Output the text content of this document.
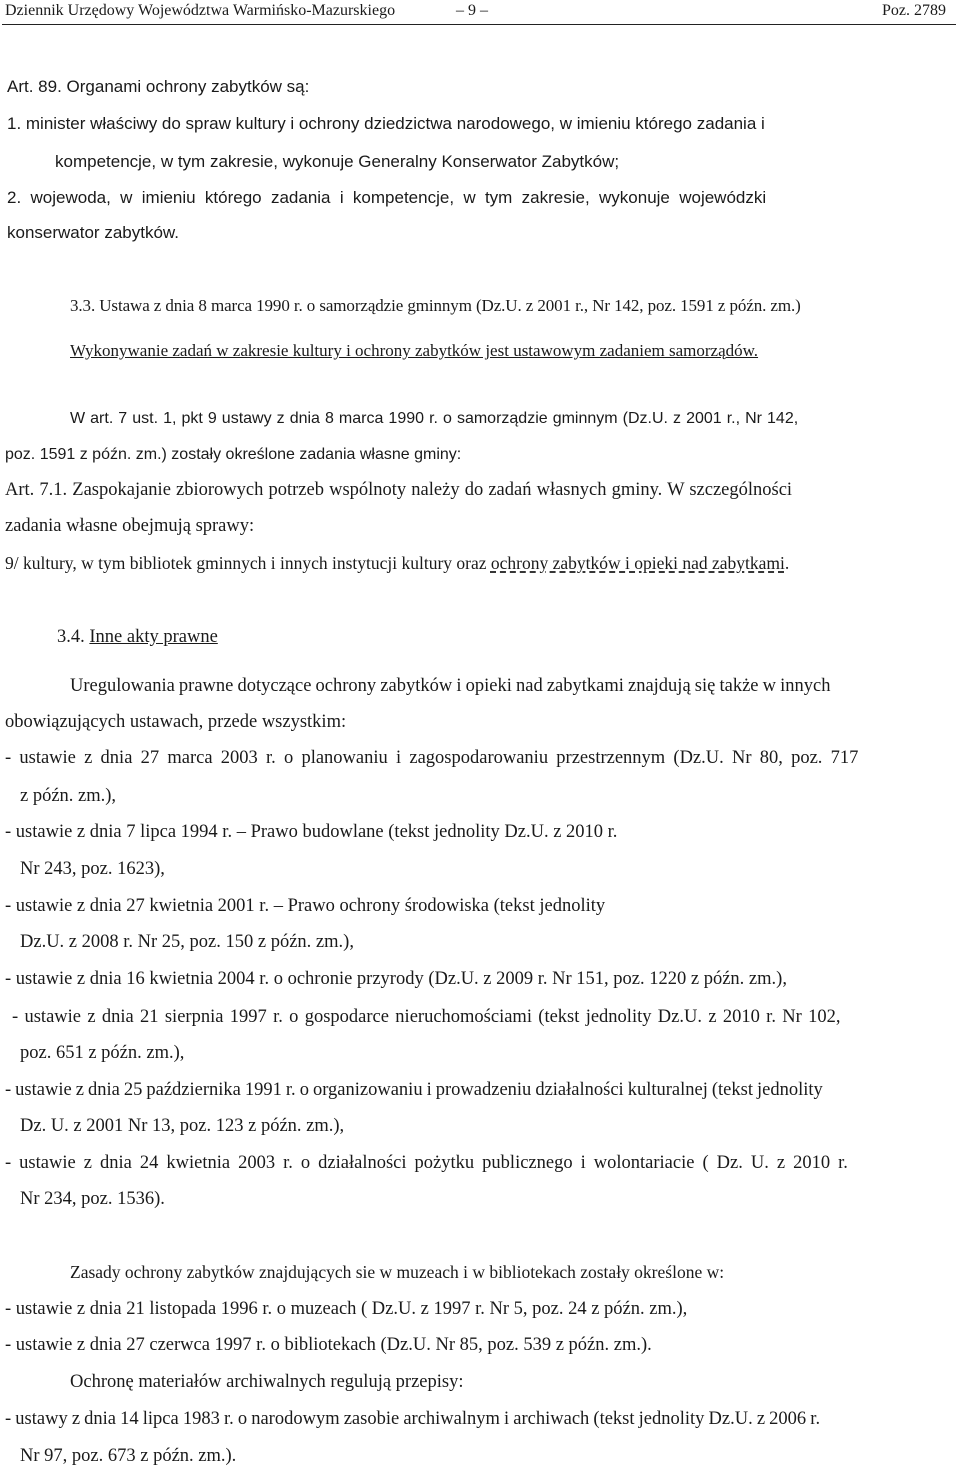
Dziennik Urzędowy Województwa Warmińsko-Mazurskiego	– 9 –	Poz. 2789
Art. 89. Organami ochrony zabytków są:
1. minister właściwy do spraw kultury i ochrony dziedzictwa narodowego, w imieniu którego zadania i
kompetencje, w tym zakresie, wykonuje Generalny Konserwator Zabytków;
2. wojewoda, w imieniu którego zadania i kompetencje, w tym zakresie, wykonuje wojewódzki
konserwator zabytków.
3.3. Ustawa z dnia 8 marca 1990 r. o samorządzie gminnym (Dz.U. z 2001 r., Nr 142, poz. 1591 z późn. zm.)
Wykonywanie zadań w zakresie kultury i ochrony zabytków jest ustawowym zadaniem samorządów.
W art. 7 ust. 1, pkt 9 ustawy z dnia 8 marca 1990 r. o samorządzie gminnym (Dz.U. z 2001 r., Nr 142,
poz. 1591 z późn. zm.) zostały określone zadania własne gminy:
Art. 7.1. Zaspokajanie zbiorowych potrzeb wspólnoty należy do zadań własnych gminy. W szczególności
zadania własne obejmują sprawy:
9/ kultury, w tym bibliotek gminnych i innych instytucji kultury oraz ochrony zabytków i opieki nad zabytkami.
3.4. Inne akty prawne
Uregulowania prawne dotyczące ochrony zabytków i opieki nad zabytkami znajdują się także w innych
obowiązujących ustawach, przede wszystkim:
- ustawie z dnia 27 marca 2003 r. o planowaniu i zagospodarowaniu przestrzennym (Dz.U. Nr 80, poz. 717
z późn. zm.),
- ustawie z dnia 7 lipca 1994 r. – Prawo budowlane (tekst jednolity Dz.U. z 2010 r.
Nr 243, poz. 1623),
- ustawie z dnia 27 kwietnia 2001 r. – Prawo ochrony środowiska (tekst jednolity
Dz.U. z 2008 r. Nr 25, poz. 150 z późn. zm.),
- ustawie z dnia 16 kwietnia 2004 r. o ochronie przyrody (Dz.U. z 2009 r. Nr 151, poz. 1220 z późn. zm.),
- ustawie z dnia 21 sierpnia 1997 r. o gospodarce nieruchomościami (tekst jednolity Dz.U. z 2010 r. Nr 102,
poz. 651 z późn. zm.),
- ustawie z dnia 25 października 1991 r. o organizowaniu i prowadzeniu działalności kulturalnej (tekst jednolity
Dz. U. z 2001 Nr 13, poz. 123 z późn. zm.),
- ustawie z dnia 24 kwietnia 2003 r. o działalności pożytku publicznego i wolontariacie ( Dz. U. z 2010 r.
Nr 234, poz. 1536).
Zasady ochrony zabytków znajdujących sie w muzeach i w bibliotekach zostały określone w:
- ustawie z dnia 21 listopada 1996 r. o muzeach ( Dz.U. z 1997 r. Nr 5, poz. 24 z późn. zm.),
- ustawie z dnia 27 czerwca 1997 r. o bibliotekach (Dz.U. Nr 85, poz. 539 z późn. zm.).
Ochronę materiałów archiwalnych regulują przepisy:
- ustawy z dnia 14 lipca 1983 r. o narodowym zasobie archiwalnym i archiwach (tekst jednolity Dz.U. z 2006 r.
Nr 97, poz. 673 z późn. zm.).
